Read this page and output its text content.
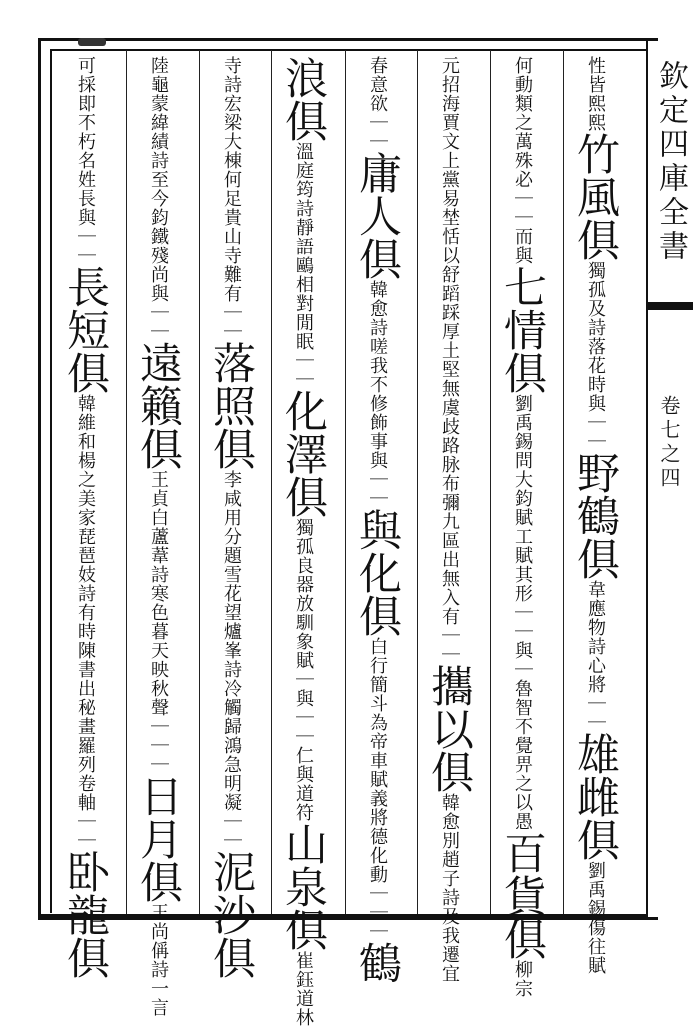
欽定四庫全書
卷七之四
性皆熙熙竹風俱獨孤及詩落花時與｜｜野鶴俱韋應物詩心將｜｜雄雌俱劉禹錫傷往賦
何動類之萬殊必｜｜而與七情俱劉禹錫問大鈞賦工賦其形｜｜與｜魯智不覺畀之以愚百貨俱柳宗
元招海賈文上黨易埜恬以舒蹈踩厚土堅無虞歧路脉布彌九區出無入有｜｜攜以俱韓愈別趙子詩及我遷宜
春意欲｜｜庸人俱韓愈詩嗟我不修飾事與｜｜與化俱白行簡斗為帝車賦義將德化動｜｜｜鶴
浪俱溫庭筠詩靜語鷗相對閒眠｜｜化澤俱獨孤良器放馴象賦｜與｜｜仁與道符山泉俱崔鈺道林
寺詩宏梁大棟何足貴山寺難有｜｜落照俱李咸用分題雪花望爐峯詩冷觸歸鴻急明凝｜｜泥沙俱
陸龜蒙緯績詩至今鈞鐵殘尚與｜｜遠籟俱王貞白蘆葦詩寒色暮天映秋聲｜｜｜日月俱王尚偁詩一言
可採即不朽名姓長與｜｜長短俱韓維和楊之美家琵琶妓詩有時陳書出秘畫羅列卷軸｜｜卧龍俱
